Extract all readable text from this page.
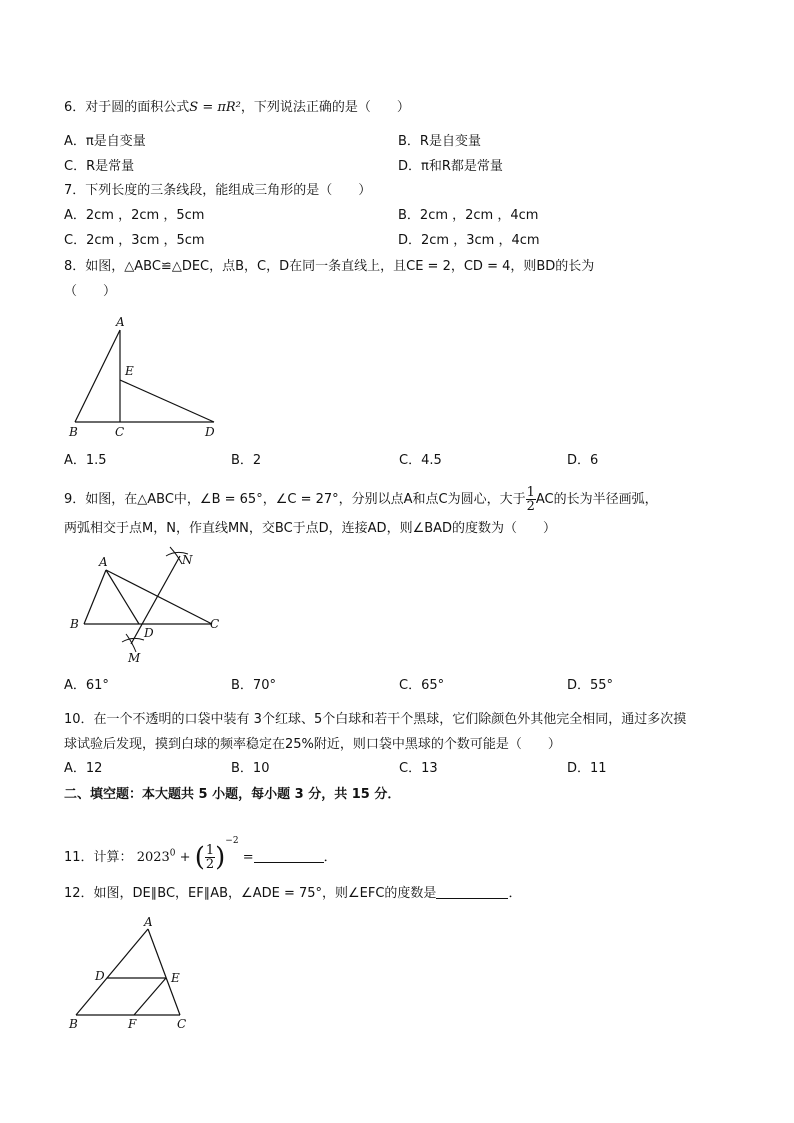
6．对于圆的面积公式S = πR²，下列说法正确的是（　　）
A．π是自变量	B．R是自变量
C．R是常量	D．π和R都是常量
7．下列长度的三条线段，能组成三角形的是（　　）
A．2cm ，2cm ，5cm	B．2cm ，2cm ，4cm
C．2cm ，3cm ，5cm	D．2cm ，3cm ，4cm
8．如图，△ABC≌△DEC，点B，C，D在同一条直线上，且CE = 2，CD = 4，则BD的长为
（　　）
A
E
B	C	D
A．1.5	B．2	C．4.5	D．6
9．如图，在△ABC中，∠B = 65°，∠C = 27°，分别以点A和点C为圆心，大于 $\frac{1}{2}$ AC的长为半径画弧，
两弧相交于点M，N，作直线MN，交BC于点D，连接AD，则∠BAD的度数为（　　）
A	N
B
D
C
M
A．61°	B．70°	C．65°	D．55°
10．在一个不透明的口袋中装有 3个红球、5个白球和若干个黑球，它们除颜色外其他完全相同，通过多次摸
球试验后发现，摸到白球的频率稳定在25%附近，则口袋中黑球的个数可能是（　　）
A．12	B．10	C．13	D．11
二、填空题：本大题共 5 小题，每小题 3 分，共 15 分．
11．计算： $2023^0$ + ( $\frac{1}{2} )^{-2}$ =	．
12．如图，DE∥BC，EF∥AB，∠ADE = 75°，则∠EFC的度数是	．
A
D	E
B	F	C
